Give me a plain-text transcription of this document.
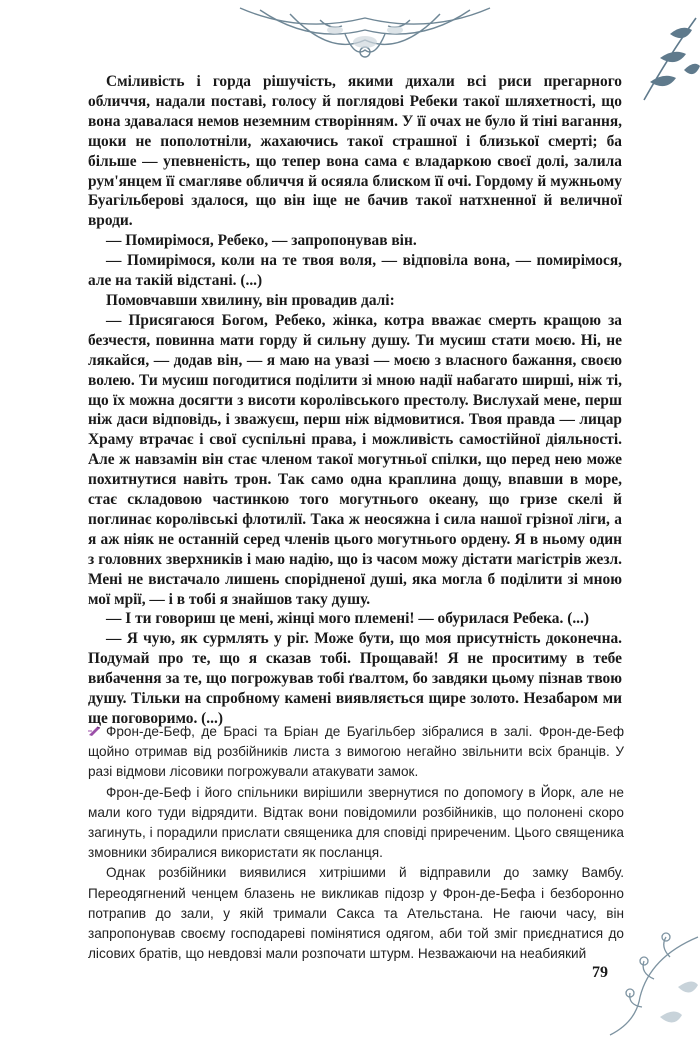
Сміливість і горда рішучість, якими дихали всі риси прегарного обличчя, надали поставі, голосу й поглядові Ребеки такої шляхетності, що вона здавалася немов неземним створінням. У її очах не було й тіні вагання, щоки не пополотніли, жахаючись такої страшної і близької смерті; ба більше — упевненість, що тепер вона сама є владаркою своєї долі, залила рум'янцем її смагляве обличчя й осяяла блиском її очі. Гордому й мужньому Буагільберові здалося, що він іще не бачив такої натхненної й величної вроди.

— Помирімося, Ребеко, — запропонував він.

— Помирімося, коли на те твоя воля, — відповіла вона, — помирімося, але на такій відстані. (...)

Помовчавши хвилину, він провадив далі:

— Присягаюся Богом, Ребеко, жінка, котра вважає смерть кращою за безчестя, повинна мати горду й сильну душу. Ти мусиш стати моєю. Ні, не лякайся, — додав він, — я маю на увазі — моєю з власного бажання, своєю волею. Ти мусиш погодитися поділити зі мною надії набагато ширші, ніж ті, що їх можна досягти з висоти королівського престолу. Вислухай мене, перш ніж даси відповідь, і зважуєш, перш ніж відмовитися. Твоя правда — лицар Храму втрачає і свої суспільні права, і можливість самостійної діяльності. Але ж навзамін він стає членом такої могутньої спілки, що перед нею може похитнутися навіть трон. Так само одна краплина дощу, впавши в море, стає складовою частинкою того могутнього океану, що гризе скелі й поглинає королівські флотилії. Така ж неосяжна і сила нашої грізної ліги, а я аж ніяк не останній серед членів цього могутнього ордену. Я в ньому один з головних зверхників і маю надію, що із часом можу дістати магістрів жезл. Мені не вистачало лишень спорідненої душі, яка могла б поділити зі мною мої мрії, — і в тобі я знайшов таку душу.

— І ти говориш це мені, жінці мого племені! — обурилася Ребека. (...)

— Я чую, як сурмлять у ріг. Може бути, що моя присутність доконечна. Подумай про те, що я сказав тобі. Прощавай! Я не проситиму в тебе вибачення за те, що погрожував тобі ґвалтом, бо завдяки цьому пізнав твою душу. Тільки на спробному камені виявляється щире золото. Незабаром ми ще поговоримо. (...)

Фрон-де-Беф, де Брасі та Бріан де Буагільбер зібралися в залі. Фрон-де-Беф щойно отримав від розбійників листа з вимогою негайно звільнити всіх бранців. У разі відмови лісовики погрожували атакувати замок.

Фрон-де-Беф і його спільники вирішили звернутися по допомогу в Йорк, але не мали кого туди відрядити. Відтак вони повідомили розбійників, що полонені скоро загинуть, і порадили прислати священика для сповіді приреченим. Цього священика змовники збиралися використати як посланця.

Однак розбійники виявилися хитрішими й відправили до замку Вамбу. Переодягнений ченцем блазень не викликав підозр у Фрон-де-Бефа і безборонно потрапив до зали, у якій тримали Сакса та Ательстана. Не гаючи часу, він запропонував своєму господареві помінятися одягом, аби той зміг приєднатися до лісових братів, що невдовзі мали розпочати штурм. Незважаючи на неабиякий

79
